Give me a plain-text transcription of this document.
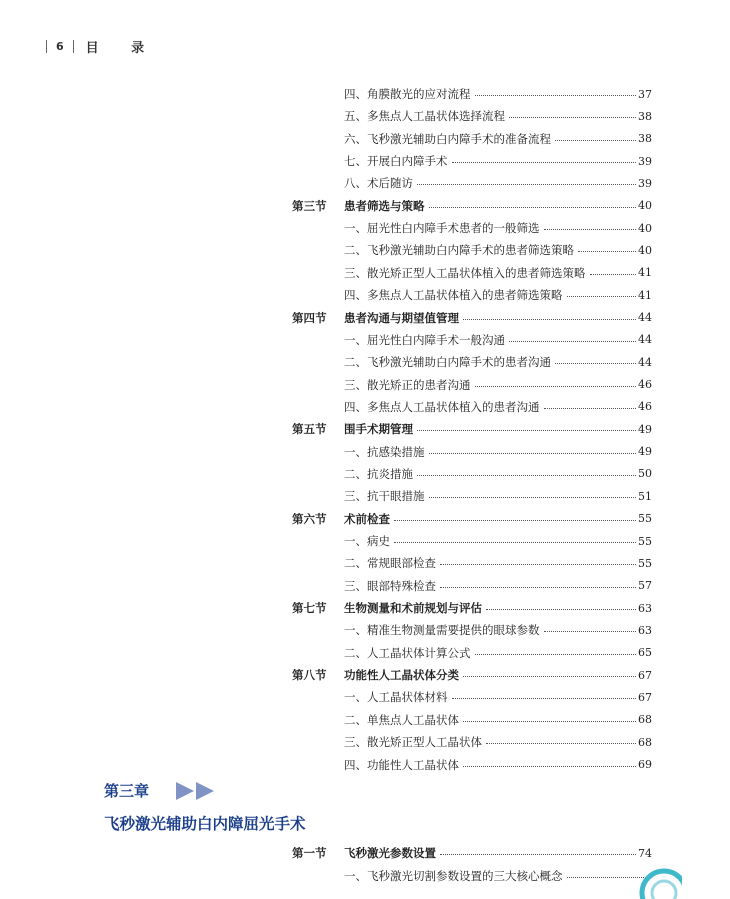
6 目 录
四、角膜散光的应对流程	37
五、多焦点人工晶状体选择流程	38
六、飞秒激光辅助白内障手术的准备流程	38
七、开展白内障手术	39
八、术后随访	39
第三节	患者筛选与策略	40
一、屈光性白内障手术患者的一般筛选	40
二、飞秒激光辅助白内障手术的患者筛选策略	40
三、散光矫正型人工晶状体植入的患者筛选策略	41
四、多焦点人工晶状体植入的患者筛选策略	41
第四节	患者沟通与期望值管理	44
一、屈光性白内障手术一般沟通	44
二、飞秒激光辅助白内障手术的患者沟通	44
三、散光矫正的患者沟通	46
四、多焦点人工晶状体植入的患者沟通	46
第五节	围手术期管理	49
一、抗感染措施	49
二、抗炎措施	50
三、抗干眼措施	51
第六节	术前检查	55
一、病史	55
二、常规眼部检查	55
三、眼部特殊检查	57
第七节	生物测量和术前规划与评估	63
一、精准生物测量需要提供的眼球参数	63
二、人工晶状体计算公式	65
第八节	功能性人工晶状体分类	67
一、人工晶状体材料	67
二、单焦点人工晶状体	68
三、散光矫正型人工晶状体	68
四、功能性人工晶状体	69
第一节	飞秒激光参数设置	74
一、飞秒激光切割参数设置的三大核心概念
第三章
飞秒激光辅助白内障屈光手术
